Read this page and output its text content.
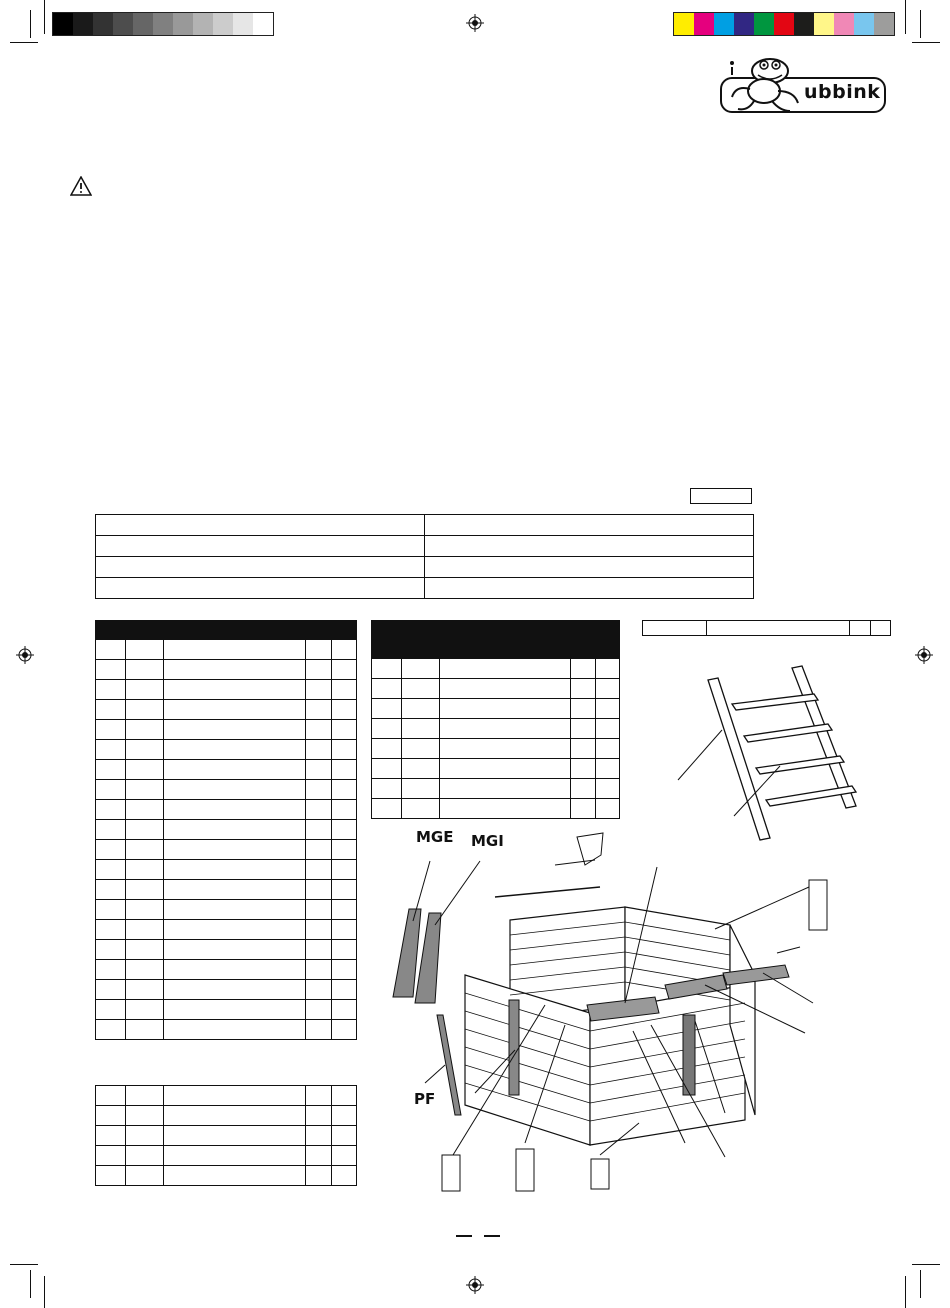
ubbink

MGE MGI
PF
